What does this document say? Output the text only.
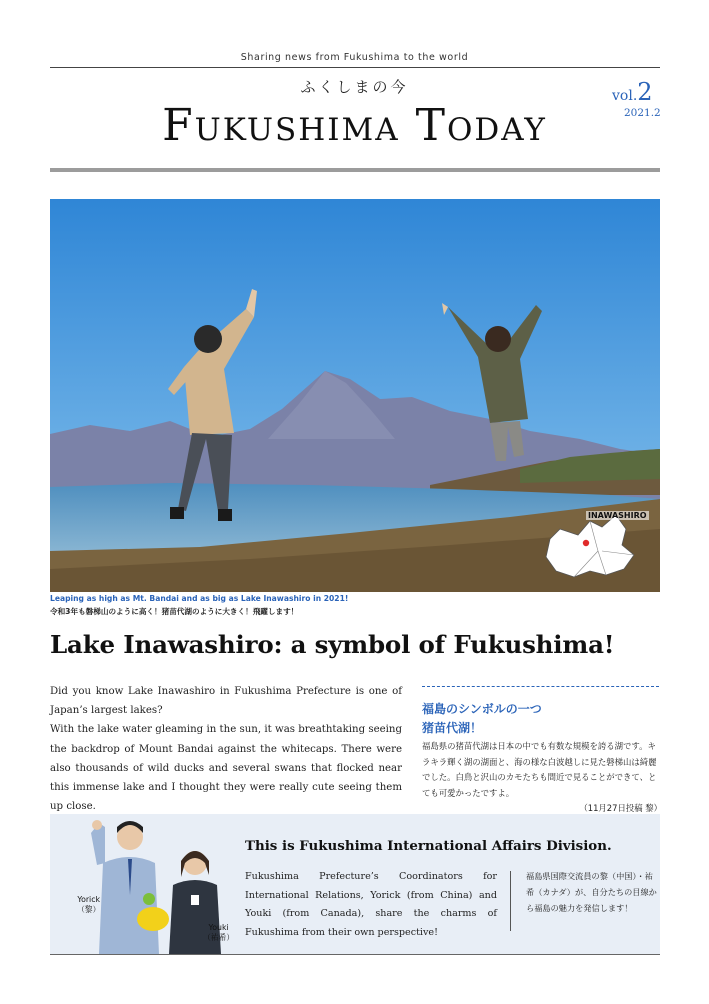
Sharing news from Fukushima to the world
ふくしまの今
Fukushima Today
vol.2
2021.2
INAWASHIRO
Leaping as high as Mt. Bandai and as big as Lake Inawashiro in 2021!
令和3年も磐梯山のように高く！猪苗代湖のように大きく！飛躍します！
Lake Inawashiro: a symbol of Fukushima!

Did you know Lake Inawashiro in Fukushima Prefecture is one of Japan’s largest lakes?

With the lake water gleaming in the sun, it was breathtaking seeing the backdrop of Mount Bandai against the whitecaps. There were also thousands of wild ducks and several swans that flocked near this immense lake and I thought they were really cute seeing them up close.

福島のシンボルの一つ
猪苗代湖！
福島県の猪苗代湖は日本の中でも有数な規模を誇る湖です。キラキラ輝く湖の湖面と、海の様な白波越しに見た磐梯山は綺麗でした。白鳥と沢山のカモたちも間近で見ることができて、とても可愛かったですよ。
（11月27日投稿 黎）
Yorick
（黎）
Youki
（祐希）
This is Fukushima International Affairs Division.
Fukushima Prefecture’s Coordinators for International Relations, Yorick (from China) and Youki (from Canada), share the charms of Fukushima from their own perspective!
福島県国際交流員の黎（中国）・祐希（カナダ）が、自分たちの目線から福島の魅力を発信します！
